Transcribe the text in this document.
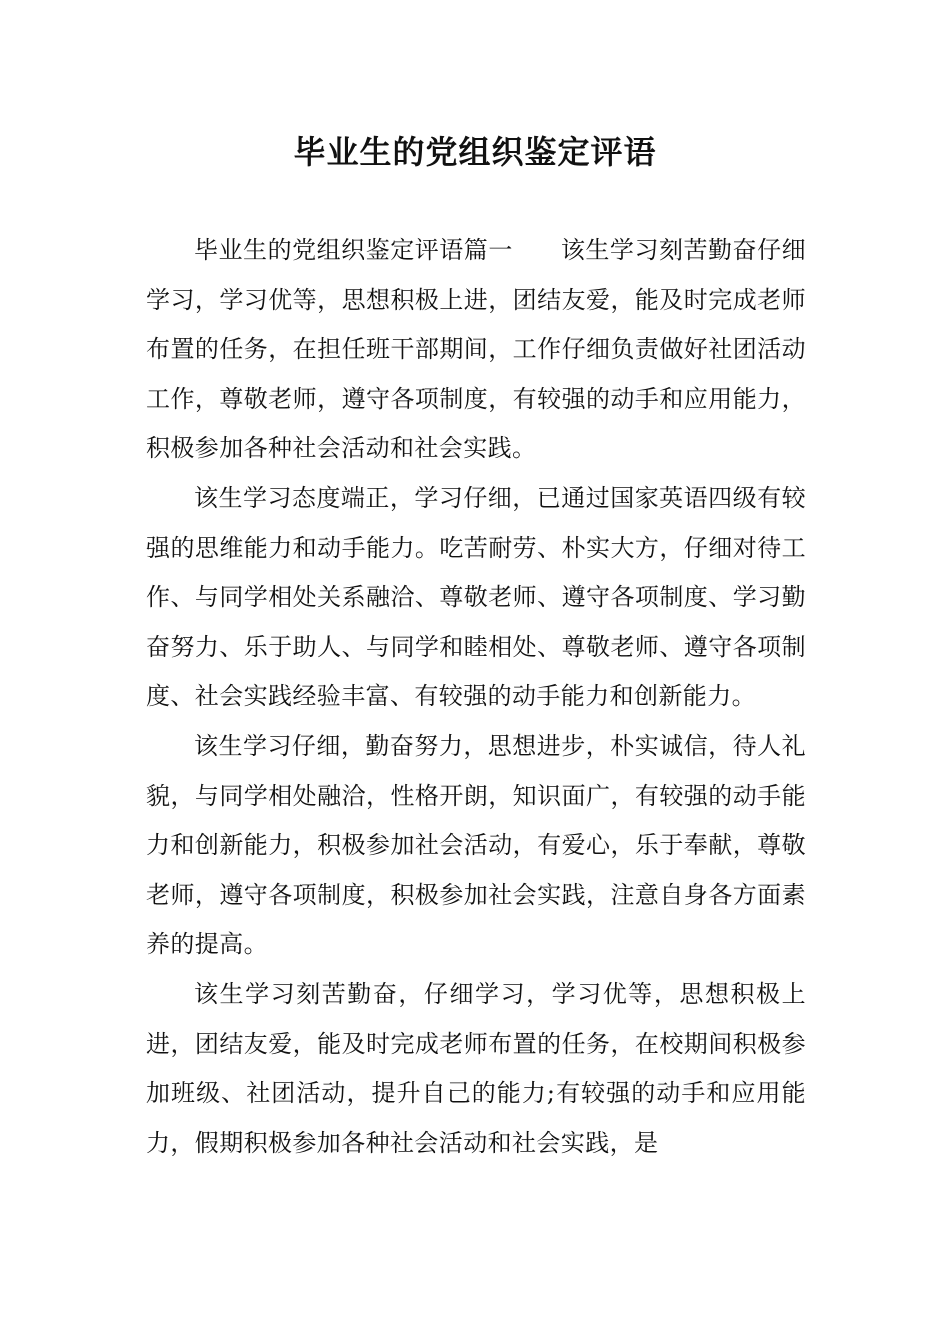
毕业生的党组织鉴定评语

毕业生的党组织鉴定评语篇一 该生学习刻苦勤奋仔细学习，学习优等，思想积极上进，团结友爱，能及时完成老师布置的任务，在担任班干部期间，工作仔细负责做好社团活动工作，尊敬老师，遵守各项制度，有较强的动手和应用能力，积极参加各种社会活动和社会实践。

该生学习态度端正，学习仔细，已通过国家英语四级有较强的思维能力和动手能力。吃苦耐劳、朴实大方，仔细对待工作、与同学相处关系融洽、尊敬老师、遵守各项制度、学习勤奋努力、乐于助人、与同学和睦相处、尊敬老师、遵守各项制度、社会实践经验丰富、有较强的动手能力和创新能力。

该生学习仔细，勤奋努力，思想进步，朴实诚信，待人礼貌，与同学相处融洽，性格开朗，知识面广，有较强的动手能力和创新能力，积极参加社会活动，有爱心，乐于奉献，尊敬老师，遵守各项制度，积极参加社会实践，注意自身各方面素养的提高。

该生学习刻苦勤奋，仔细学习，学习优等，思想积极上进，团结友爱，能及时完成老师布置的任务，在校期间积极参加班级、社团活动，提升自己的能力;有较强的动手和应用能力，假期积极参加各种社会活动和社会实践，是
